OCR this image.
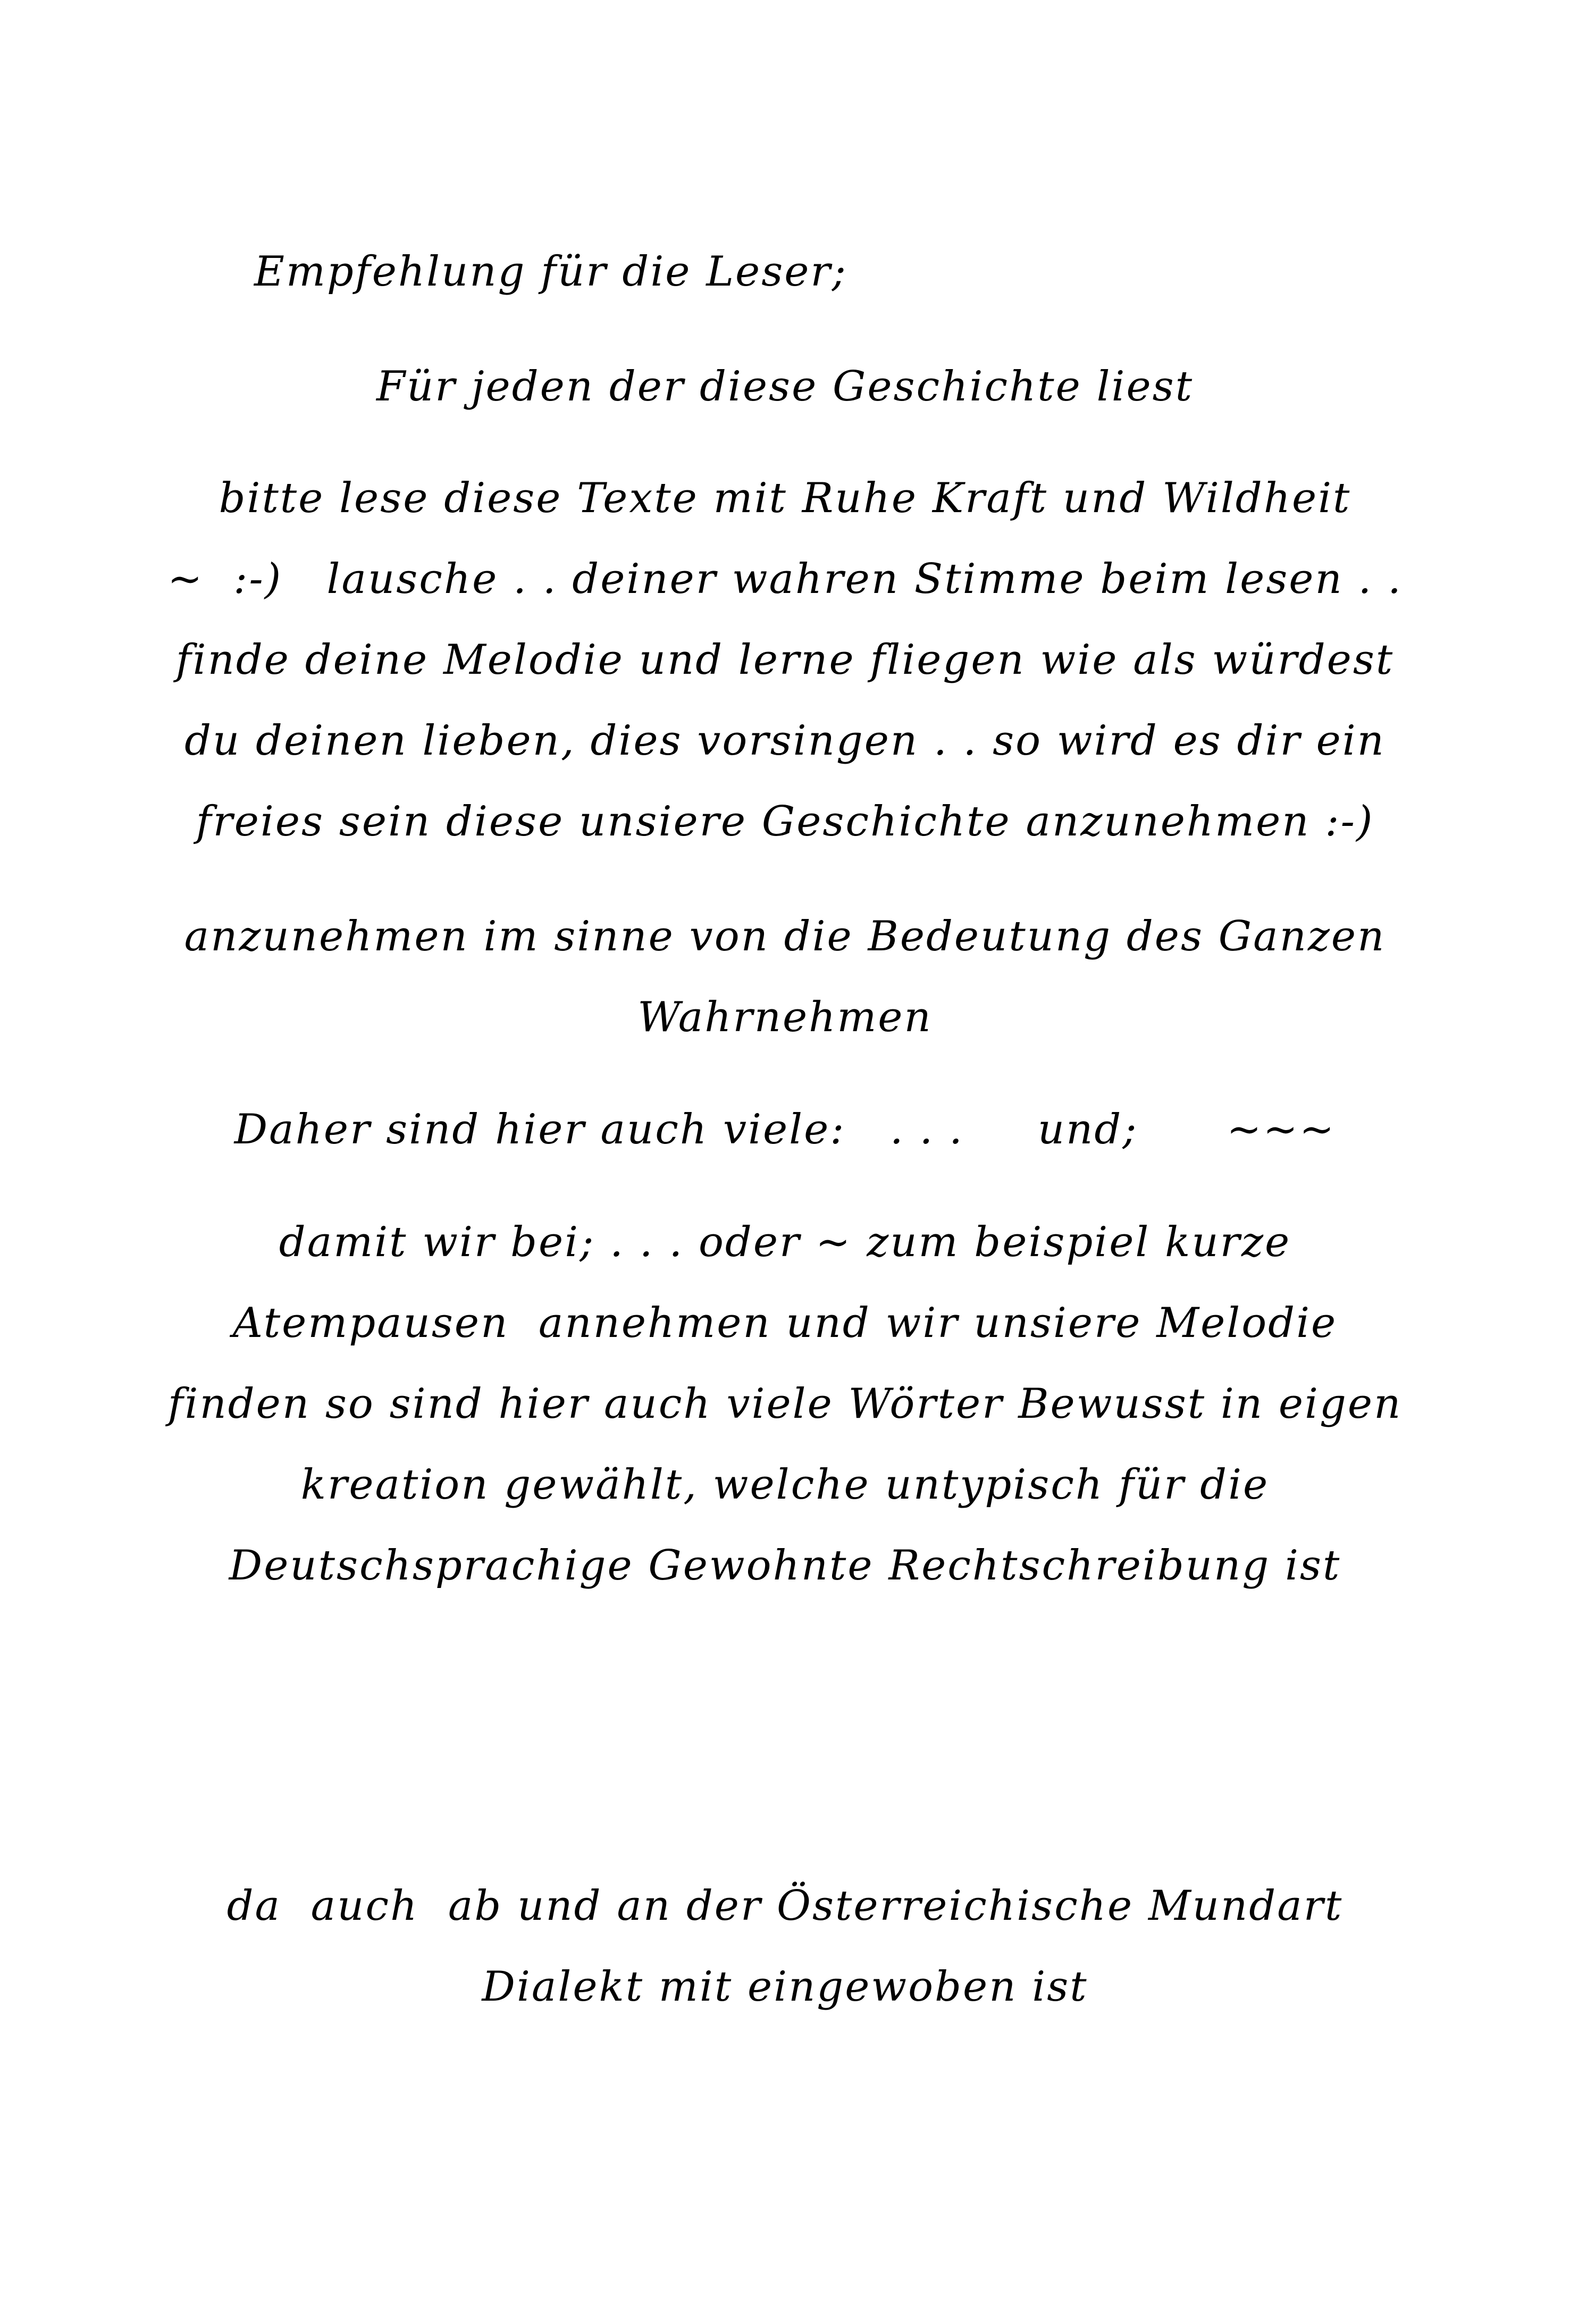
Empfehlung für die Leser;
Für jeden der diese Geschichte liest
bitte lese diese Texte mit Ruhe Kraft und Wildheit
~  :-)   lausche . . deiner wahren Stimme beim lesen . .
finde deine Melodie und lerne fliegen wie als würdest
du deinen lieben, dies vorsingen . . so wird es dir ein
freies sein diese unsiere Geschichte anzunehmen :-)
anzunehmen im sinne von die Bedeutung des Ganzen
Wahrnehmen
Daher sind hier auch viele:   . . .     und;      ~~~
damit wir bei; . . . oder ~ zum beispiel kurze
Atempausen  annehmen und wir unsiere Melodie
finden so sind hier auch viele Wörter Bewusst in eigen
kreation gewählt, welche untypisch für die
Deutschsprachige Gewohnte Rechtschreibung ist
da  auch  ab und an der Österreichische Mundart
Dialekt mit eingewoben ist
